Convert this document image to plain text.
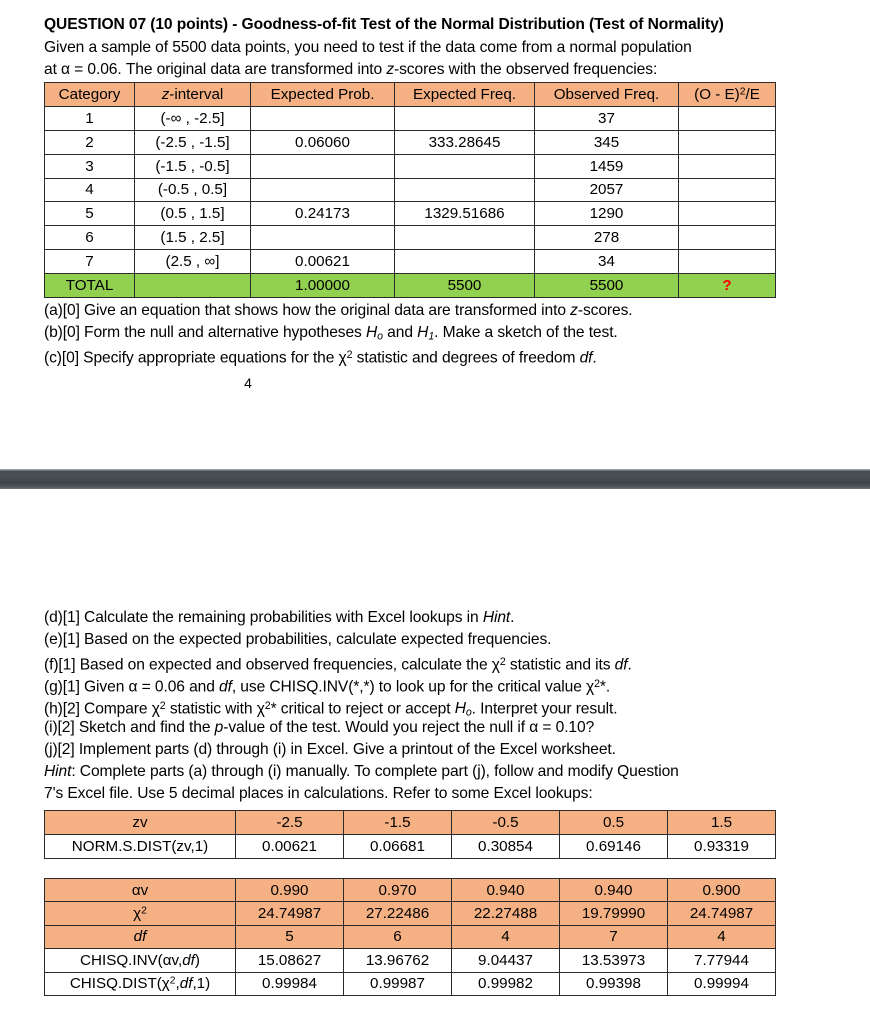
QUESTION 07 (10 points) - Goodness-of-fit Test of the Normal Distribution (Test of Normality)
Given a sample of 5500 data points, you need to test if the data come from a normal population
at α = 0.06. The original data are transformed into z-scores with the observed frequencies:
Category	z-interval	Expected Prob.	Expected Freq.	Observed Freq.	(O - E)$^2$/E
1	(-∞ , -2.5]			37	
2	(-2.5 , -1.5]	0.06060	333.28645	345	
3	(-1.5 , -0.5]			1459	
4	(-0.5 , 0.5]			2057	
5	(0.5 , 1.5]	0.24173	1329.51686	1290	
6	(1.5 , 2.5]			278	
7	(2.5 , ∞]	0.00621		34	
TOTAL		1.00000	5500	5500	?
(a)[0] Give an equation that shows how the original data are transformed into z-scores.
(b)[0] Form the null and alternative hypotheses $H_o$ and $H_1$. Make a sketch of the test.
(c)[0] Specify appropriate equations for the $\chi^2$ statistic and degrees of freedom df.
4
(d)[1] Calculate the remaining probabilities with Excel lookups in Hint.
(e)[1] Based on the expected probabilities, calculate expected frequencies.
(f)[1] Based on expected and observed frequencies, calculate the $\chi^2$ statistic and its df.
(g)[1] Given α = 0.06 and df, use CHISQ.INV(*,*) to look up for the critical value $\chi^2*$.
(h)[2] Compare $\chi^2$ statistic with $\chi^2*$ critical to reject or accept $H_o$. Interpret your result.
(i)[2] Sketch and find the p-value of the test. Would you reject the null if α = 0.10?
(j)[2] Implement parts (d) through (i) in Excel. Give a printout of the Excel worksheet.
Hint: Complete parts (a) through (i) manually. To complete part (j), follow and modify Question
7's Excel file. Use 5 decimal places in calculations. Refer to some Excel lookups:
zv	-2.5	-1.5	-0.5	0.5	1.5
NORM.S.DIST(zv,1)	0.00621	0.06681	0.30854	0.69146	0.93319
αv	0.990	0.970	0.940	0.940	0.900
$\chi^2$	24.74987	27.22486	22.27488	19.79990	24.74987
df	5	6	4	7	4
CHISQ.INV(αv,df)	15.08627	13.96762	9.04437	13.53973	7.77944
$CHISQ.DIST(\chi^2,df,1)$	0.99984	0.99987	0.99982	0.99398	0.99994
